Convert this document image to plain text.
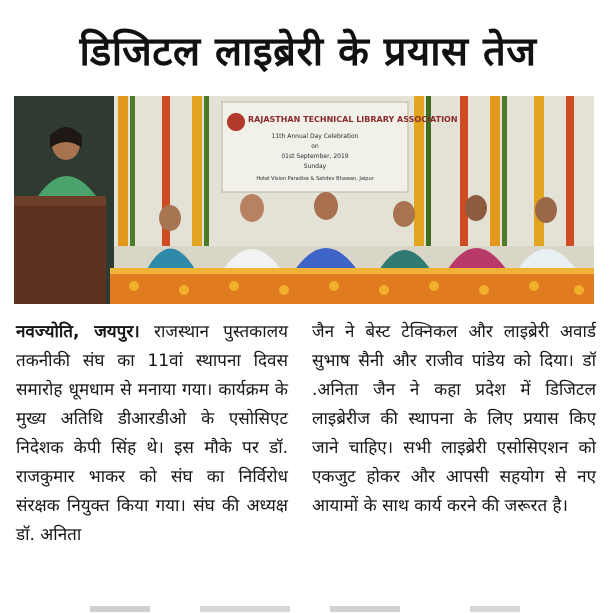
डिजिटल लाइब्रेरी के प्रयास तेज
RAJASTHAN TECHNICAL LIBRARY ASSOCIATION
11th Annual Day Celebration
on
01st September, 2019
Sunday
Hotel Vision Paradise & Sahdev Bhawan, Jaipur

नवज्योति, जयपुर। राजस्थान पुस्तकालय तकनीकी संघ का 11वां स्थापना दिवस समारोह धूमधाम से मनाया गया। कार्यक्रम के मुख्य अतिथि डीआरडीओ के एसोसिएट निदेशक केपी सिंह थे। इस मौके पर डॉ. राजकुमार भाकर को संघ का निर्विरोध संरक्षक नियुक्त किया गया। संघ की अध्यक्ष डॉ. अनिता

जैन ने बेस्ट टेक्निकल और लाइब्रेरी अवार्ड सुभाष सैनी और राजीव पांडेय को दिया। डॉ .अनिता जैन ने कहा प्रदेश में डिजिटल लाइब्रेरीज की स्थापना के लिए प्रयास किए जाने चाहिए। सभी लाइब्रेरी एसोसिएशन को एकजुट होकर और आपसी सहयोग से नए आयामों के साथ कार्य करने की जरूरत है।
